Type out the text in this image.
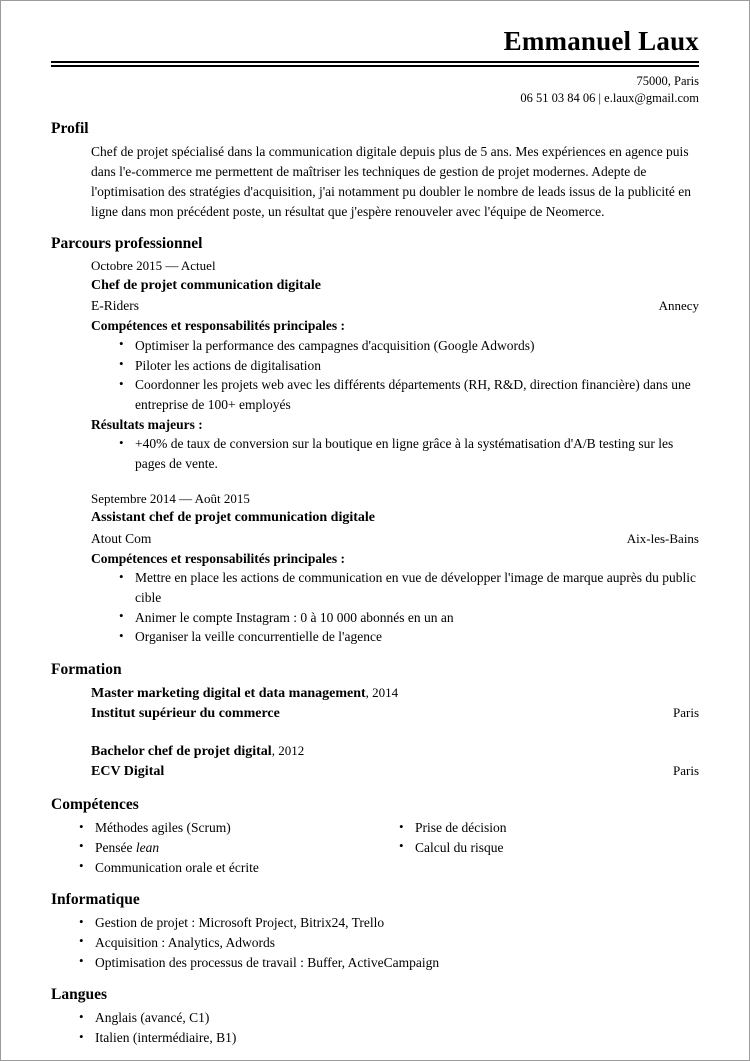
Emmanuel Laux
75000, Paris
06 51 03 84 06 | e.laux@gmail.com
Profil

Chef de projet spécialisé dans la communication digitale depuis plus de 5 ans. Mes expériences en agence puis dans l'e-commerce me permettent de maîtriser les techniques de gestion de projet modernes. Adepte de l'optimisation des stratégies d'acquisition, j'ai notamment pu doubler le nombre de leads issus de la publicité en ligne dans mon précédent poste, un résultat que j'espère renouveler avec l'équipe de Neomerce.

Parcours professionnel
Octobre 2015 — Actuel
Chef de projet communication digitale
E-Riders	Annecy
Compétences et responsabilités principales :
• Optimiser la performance des campagnes d'acquisition (Google Adwords)
• Piloter les actions de digitalisation
• Coordonner les projets web avec les différents départements (RH, R&D, direction financière) dans une entreprise de 100+ employés
Résultats majeurs :
• +40% de taux de conversion sur la boutique en ligne grâce à la systématisation d'A/B testing sur les pages de vente.
Septembre 2014 — Août 2015
Assistant chef de projet communication digitale
Atout Com	Aix-les-Bains
Compétences et responsabilités principales :
• Mettre en place les actions de communication en vue de développer l'image de marque auprès du public cible
• Animer le compte Instagram : 0 à 10 000 abonnés en un an
• Organiser la veille concurrentielle de l'agence
Formation
Master marketing digital et data management, 2014
Institut supérieur du commerce	Paris
Bachelor chef de projet digital, 2012
ECV Digital	Paris
Compétences
• Méthodes agiles (Scrum)
• Pensée lean
• Communication orale et écrite
• Prise de décision
• Calcul du risque
Informatique
• Gestion de projet : Microsoft Project, Bitrix24, Trello
• Acquisition : Analytics, Adwords
• Optimisation des processus de travail : Buffer, ActiveCampaign
Langues
• Anglais (avancé, C1)
• Italien (intermédiaire, B1)
